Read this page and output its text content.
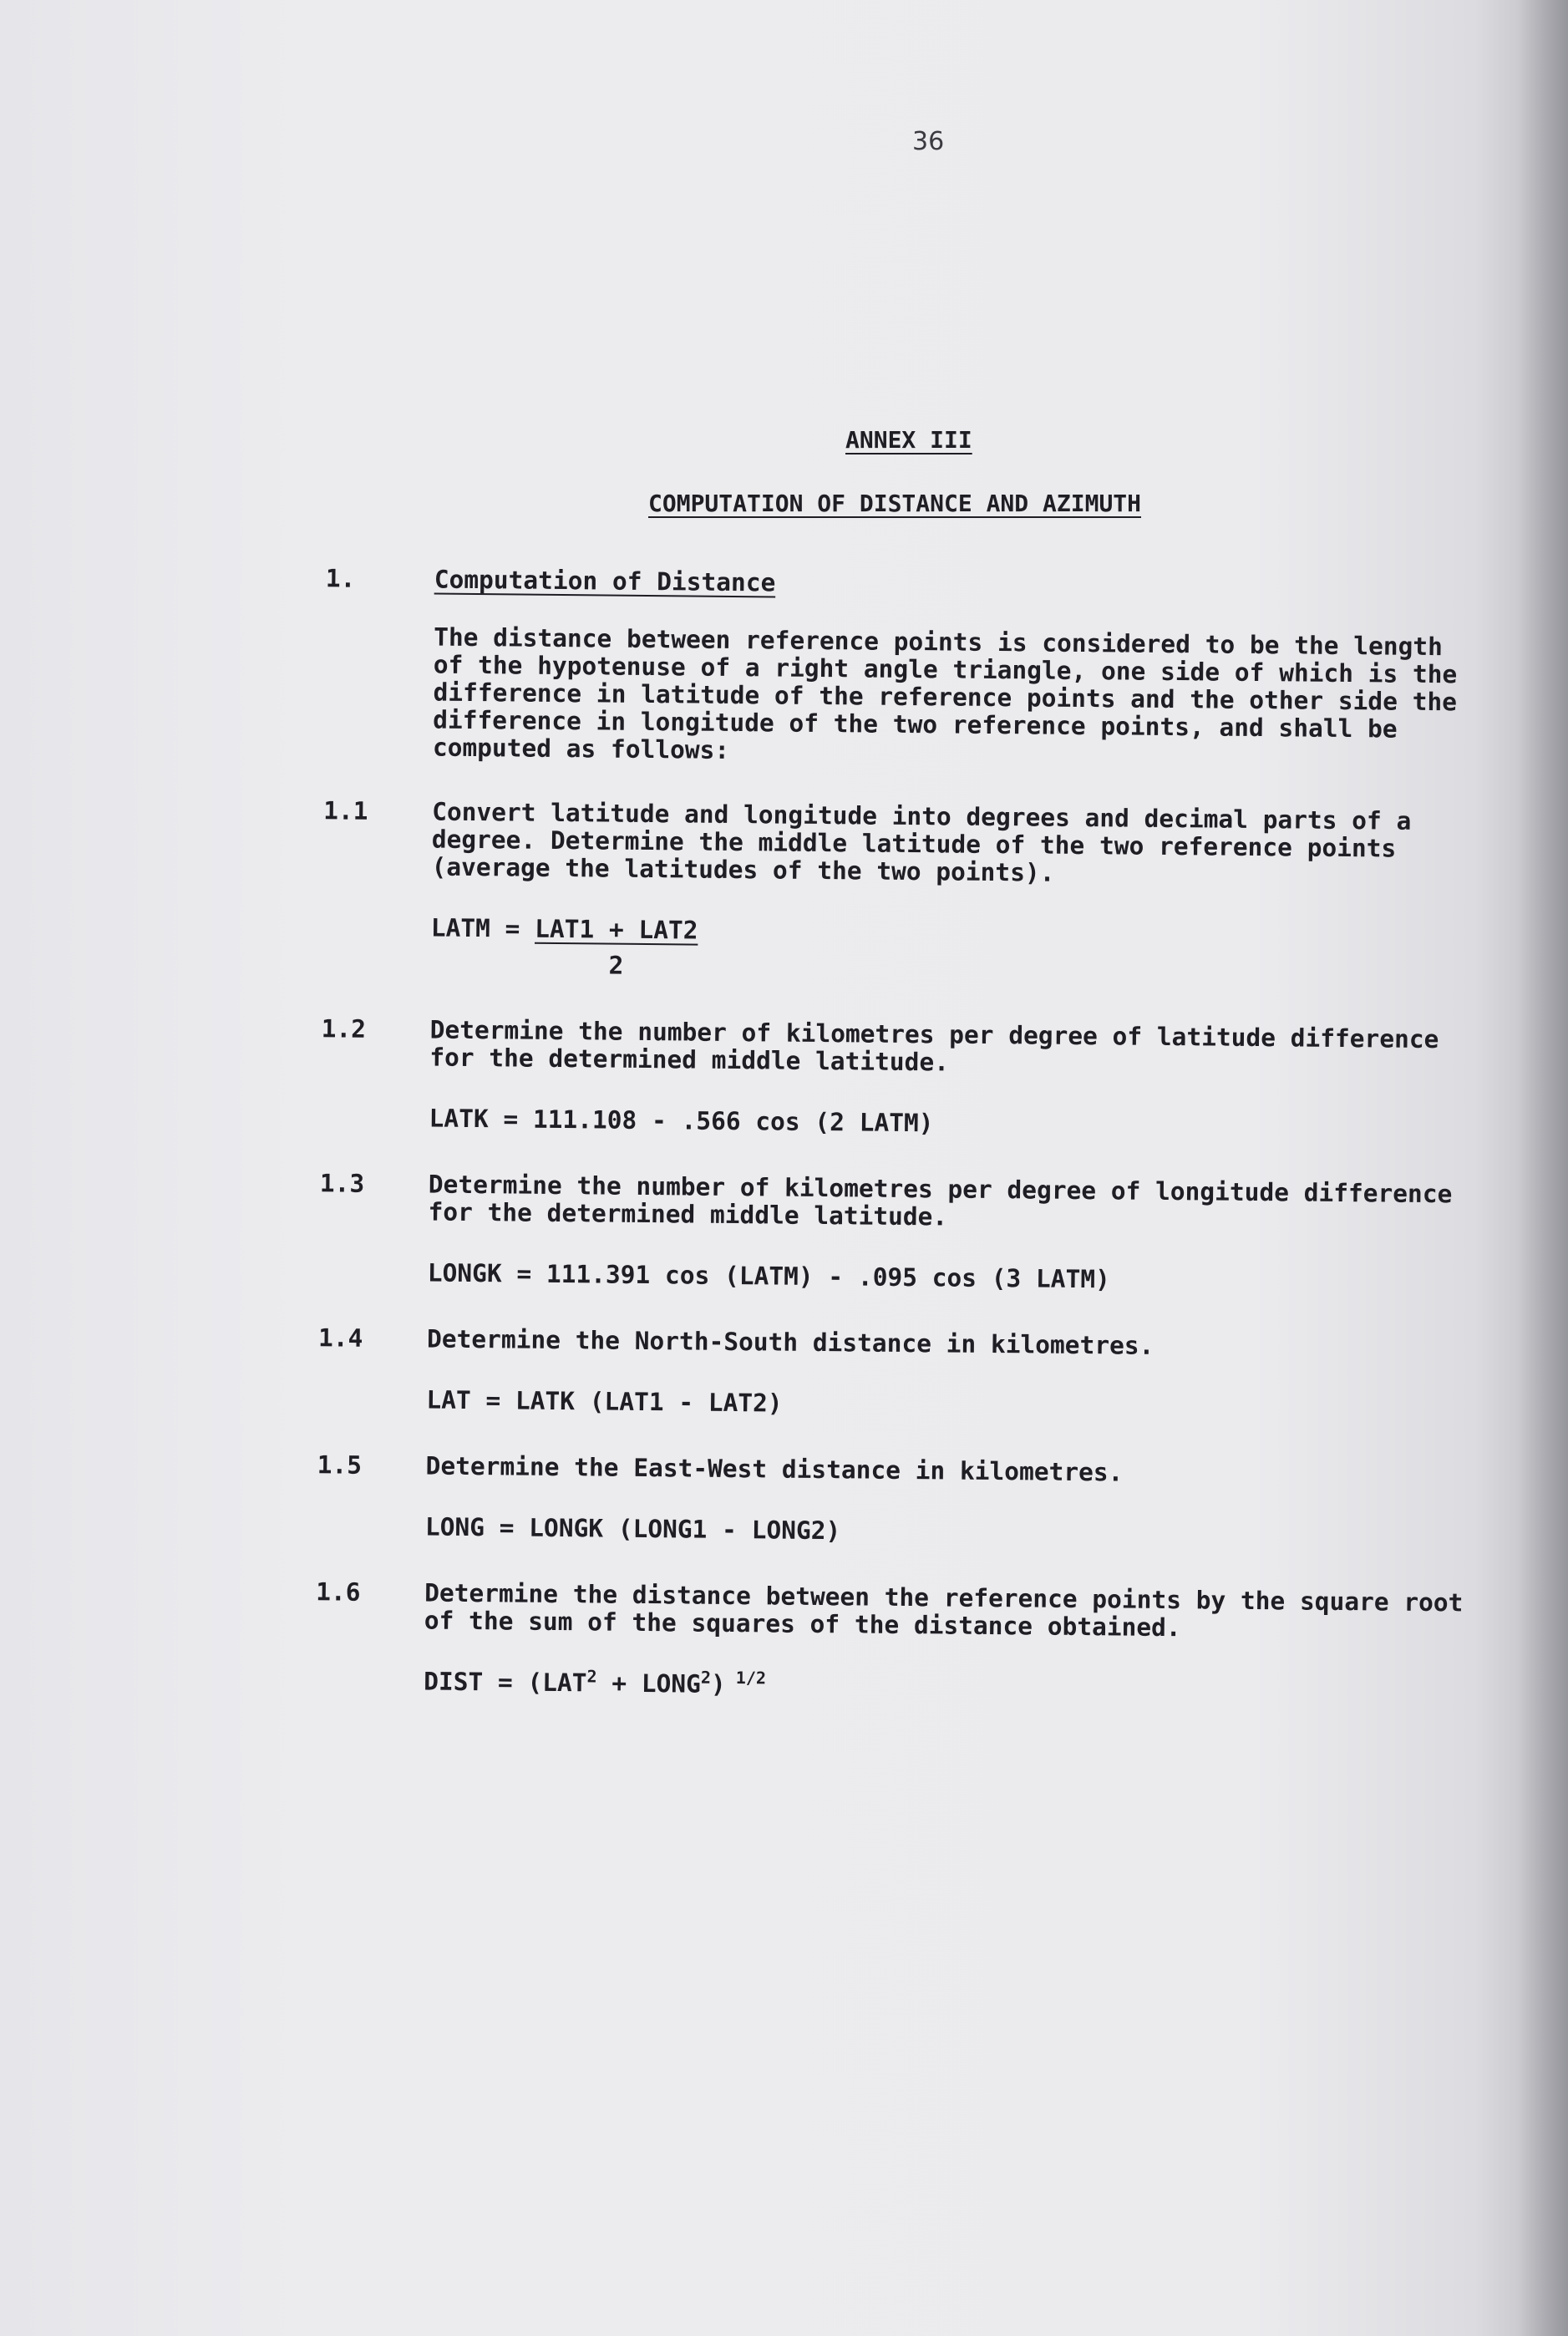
36
ANNEX III
COMPUTATION OF DISTANCE AND AZIMUTH
1.	Computation of Distance
The distance between reference points is considered to be the length of the hypotenuse of a right angle triangle, one side of which is the difference in latitude of the reference points and the other side the difference in longitude of the two reference points, and shall be computed as follows:
1.1	Convert latitude and longitude into degrees and decimal parts of a degree. Determine the middle latitude of the two reference points (average the latitudes of the two points).
LATM = $\frac{\text{LAT1 + LAT2}}{2}$
1.2	Determine the number of kilometres per degree of latitude difference for the determined middle latitude.
LATK = 111.108 - .566 cos (2 LATM)
1.3	Determine the number of kilometres per degree of longitude difference for the determined middle latitude.
LONGK = 111.391 cos (LATM) - .095 cos (3 LATM)
1.4	Determine the North-South distance in kilometres.
LAT = LATK (LAT1 - LAT2)
1.5	Determine the East-West distance in kilometres.
LONG = LONGK (LONG1 - LONG2)
1.6	Determine the distance between the reference points by the square root of the sum of the squares of the distance obtained.
DIST = ($LAT^2$ + $LONG^2$) $^{1/2}$
